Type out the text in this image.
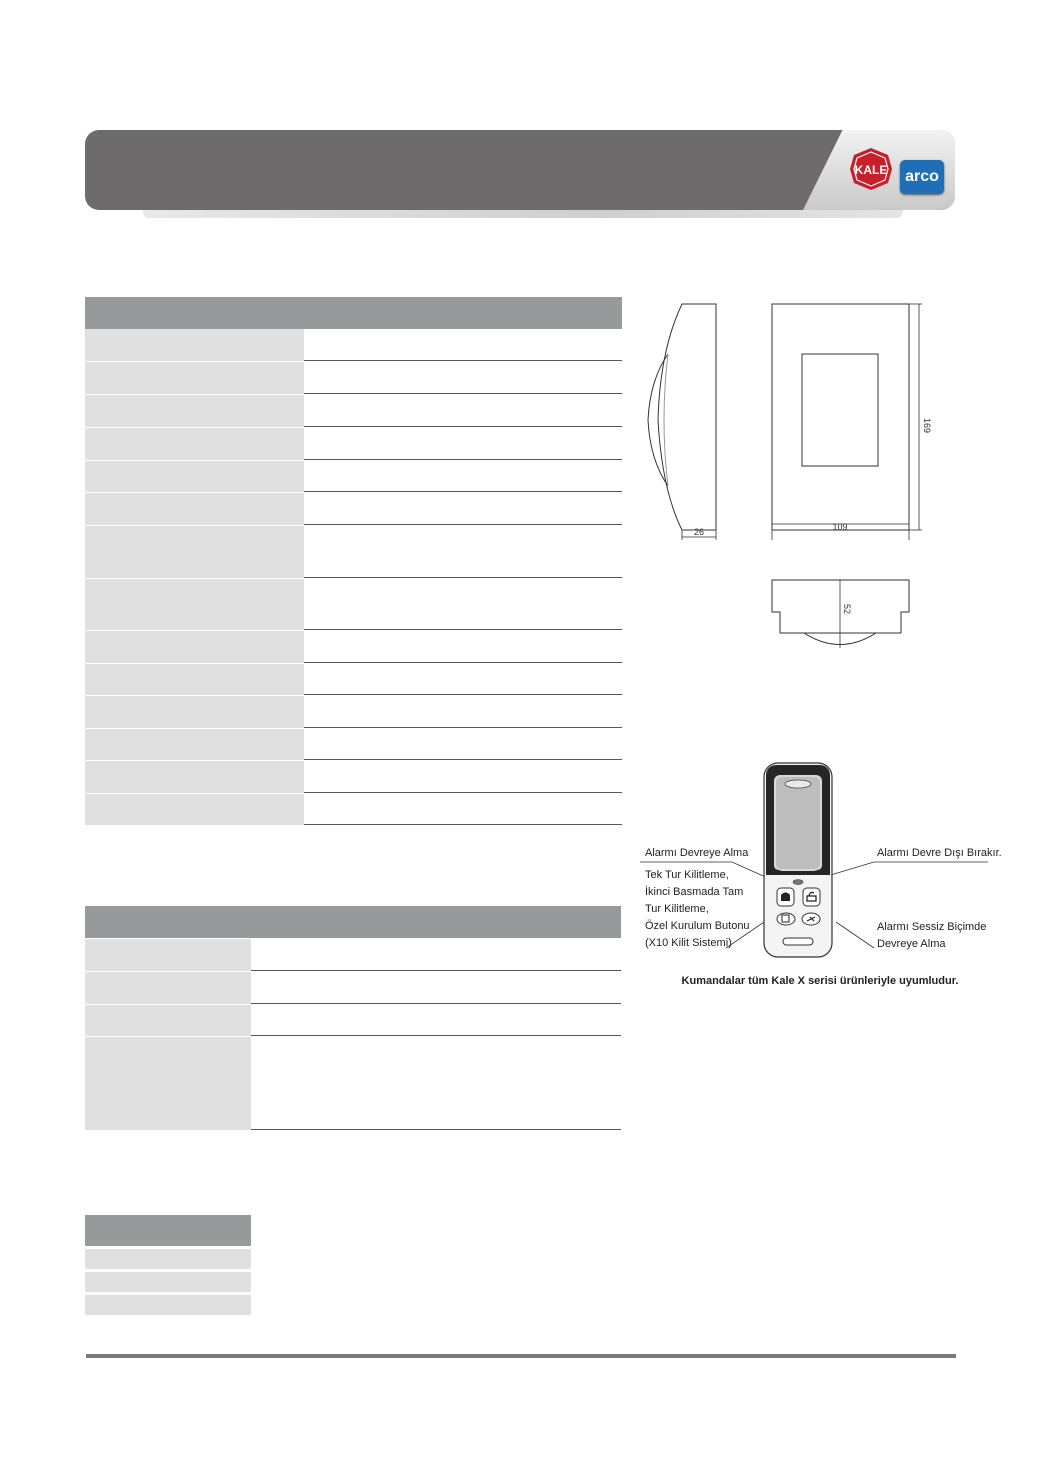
KALE	arco
26
169
109
52
Alarmı Devreye Alma
Tek Tur Kilitleme,
İkinci Basmada Tam
Tur Kilitleme,
Özel Kurulum Butonu
(X10 Kilit Sistemi)
Alarmı Devre Dışı Bırakır.
Alarmı Sessiz Biçimde
Devreye Alma
Kumandalar tüm Kale X serisi ürünleriyle uyumludur.
